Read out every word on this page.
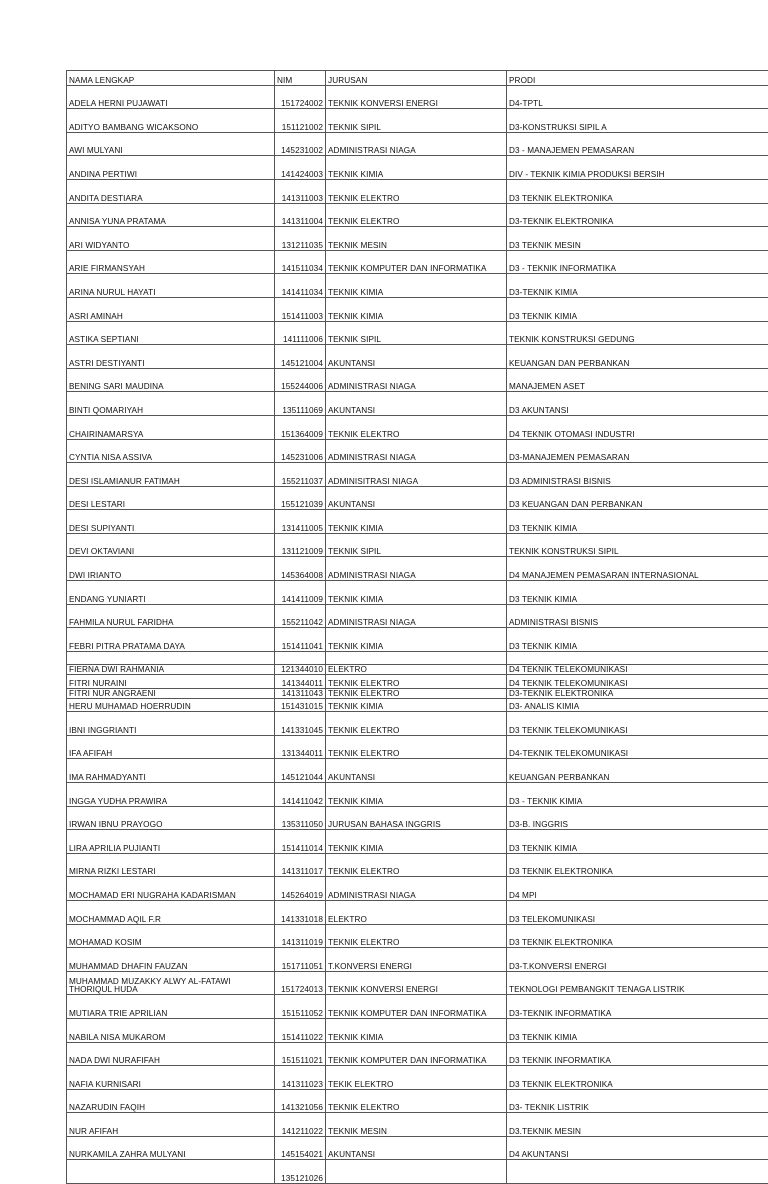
NAMA LENGKAP	NIM	JURUSAN	PRODI
ADELA HERNI PUJAWATI	151724002	TEKNIK KONVERSI ENERGI	D4-TPTL
ADITYO BAMBANG WICAKSONO	151121002	TEKNIK SIPIL	D3-KONSTRUKSI SIPIL A
AWI MULYANI	145231002	ADMINISTRASI NIAGA	D3 - MANAJEMEN PEMASARAN
ANDINA PERTIWI	141424003	TEKNIK KIMIA	DIV - TEKNIK KIMIA PRODUKSI BERSIH
ANDITA DESTIARA	141311003	TEKNIK ELEKTRO	D3 TEKNIK ELEKTRONIKA
ANNISA YUNA PRATAMA	141311004	TEKNIK ELEKTRO	D3-TEKNIK ELEKTRONIKA
ARI WIDYANTO	131211035	TEKNIK MESIN	D3 TEKNIK MESIN
ARIE FIRMANSYAH	141511034	TEKNIK KOMPUTER DAN INFORMATIKA	D3 - TEKNIK INFORMATIKA
ARINA NURUL HAYATI	141411034	TEKNIK KIMIA	D3-TEKNIK KIMIA
ASRI AMINAH	151411003	TEKNIK KIMIA	D3 TEKNIK KIMIA
ASTIKA SEPTIANI	141111006	TEKNIK SIPIL	TEKNIK KONSTRUKSI GEDUNG
ASTRI DESTIYANTI	145121004	AKUNTANSI	KEUANGAN DAN PERBANKAN
BENING SARI MAUDINA	155244006	ADMINISTRASI NIAGA	MANAJEMEN ASET
BINTI QOMARIYAH	135111069	AKUNTANSI	D3 AKUNTANSI
CHAIRINAMARSYA	151364009	TEKNIK ELEKTRO	D4 TEKNIK OTOMASI INDUSTRI
CYNTIA NISA ASSIVA	145231006	ADMINISTRASI NIAGA	D3-MANAJEMEN PEMASARAN
DESI ISLAMIANUR FATIMAH	155211037	ADMINISITRASI NIAGA	D3 ADMINISTRASI BISNIS
DESI LESTARI	155121039	AKUNTANSI	D3 KEUANGAN DAN PERBANKAN
DESI SUPIYANTI	131411005	TEKNIK KIMIA	D3 TEKNIK KIMIA
DEVI OKTAVIANI	131121009	TEKNIK SIPIL	TEKNIK KONSTRUKSI SIPIL
DWI IRIANTO	145364008	ADMINISTRASI NIAGA	D4 MANAJEMEN PEMASARAN INTERNASIONAL
ENDANG YUNIARTI	141411009	TEKNIK KIMIA	D3 TEKNIK KIMIA
FAHMILA NURUL FARIDHA	155211042	ADMINISTRASI NIAGA	ADMINISTRASI BISNIS
FEBRI PITRA PRATAMA DAYA	151411041	TEKNIK KIMIA	D3 TEKNIK KIMIA
FIERNA DWI RAHMANIA	121344010	ELEKTRO	D4 TEKNIK TELEKOMUNIKASI
FITRI NUR ANGRAENI	141311043	TEKNIK ELEKTRO	D3-TEKNIK ELEKTRONIKA
FITRI NURAINI	141344011	TEKNIK ELEKTRO	D4 TEKNIK TELEKOMUNIKASI
HERU MUHAMAD HOERRUDIN	151431015	TEKNIK KIMIA	D3- ANALIS KIMIA
IBNI INGGRIANTI	141331045	TEKNIK ELEKTRO	D3 TEKNIK TELEKOMUNIKASI
IFA AFIFAH	131344011	TEKNIK ELEKTRO	D4-TEKNIK TELEKOMUNIKASI
IMA RAHMADYANTI	145121044	AKUNTANSI	KEUANGAN PERBANKAN
INGGA YUDHA PRAWIRA	141411042	TEKNIK KIMIA	D3 - TEKNIK KIMIA
IRWAN IBNU PRAYOGO	135311050	JURUSAN BAHASA INGGRIS	D3-B. INGGRIS
LIRA APRILIA PUJIANTI	151411014	TEKNIK KIMIA	D3 TEKNIK KIMIA
MIRNA RIZKI LESTARI	141311017	TEKNIK ELEKTRO	D3 TEKNIK ELEKTRONIKA
MOCHAMAD ERI NUGRAHA KADARISMAN	145264019	ADMINISTRASI NIAGA	D4 MPI
MOCHAMMAD AQIL F.R	141331018	ELEKTRO	D3 TELEKOMUNIKASI
MOHAMAD KOSIM	141311019	TEKNIK ELEKTRO	D3 TEKNIK ELEKTRONIKA
MUHAMMAD DHAFIN FAUZAN	151711051	T.KONVERSI ENERGI	D3-T.KONVERSI ENERGI
MUHAMMAD MUZAKKY ALWY AL-FATAWI THORIQUL HUDA	151724013	TEKNIK KONVERSI ENERGI	TEKNOLOGI PEMBANGKIT TENAGA LISTRIK
MUTIARA TRIE APRILIAN	151511052	TEKNIK KOMPUTER DAN INFORMATIKA	D3-TEKNIK INFORMATIKA
NABILA NISA MUKAROM	151411022	TEKNIK KIMIA	D3 TEKNIK KIMIA
NADA DWI NURAFIFAH	151511021	TEKNIK KOMPUTER DAN INFORMATIKA	D3 TEKNIK INFORMATIKA
NAFIA KURNISARI	141311023	TEKIK ELEKTRO	D3 TEKNIK ELEKTRONIKA
NAZARUDIN FAQIH	141321056	TEKNIK ELEKTRO	D3- TEKNIK LISTRIK
NUR AFIFAH	141211022	TEKNIK MESIN	D3.TEKNIK MESIN
NURKAMILA ZAHRA MULYANI	145154021	AKUNTANSI	D4 AKUNTANSI
	135121026		
